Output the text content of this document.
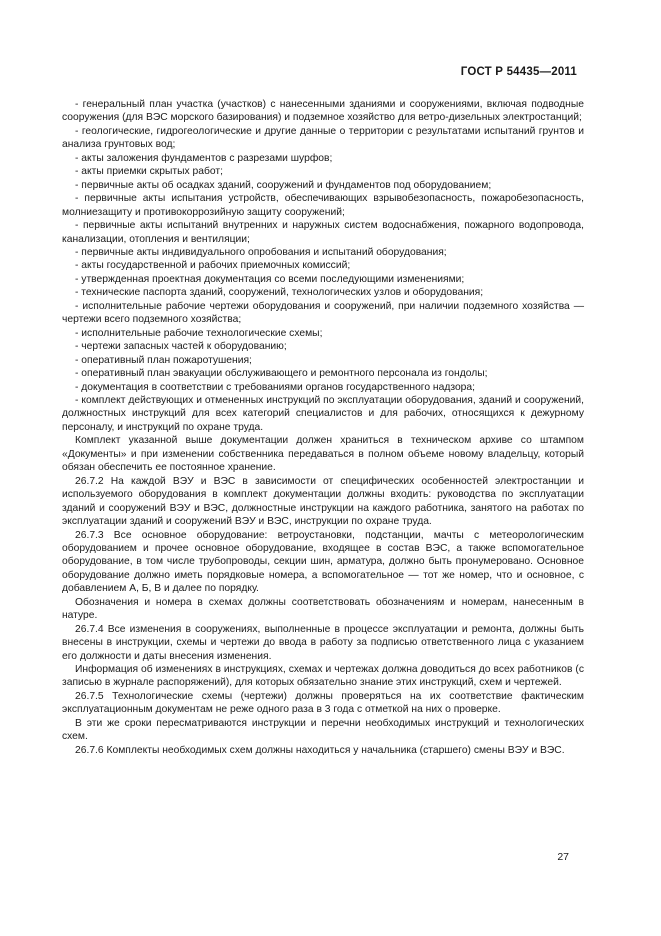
ГОСТ Р 54435—2011

- генеральный план участка (участков) с нанесенными зданиями и сооружениями, включая подводные сооружения (для ВЭС морского базирования) и подземное хозяйство для ветро-дизельных электростанций;

- геологические, гидрогеологические и другие данные о территории с результатами испытаний грунтов и анализа грунтовых вод;

- акты заложения фундаментов с разрезами шурфов;

- акты приемки скрытых работ;

- первичные акты об осадках зданий, сооружений и фундаментов под оборудованием;

- первичные акты испытания устройств, обеспечивающих взрывобезопасность, пожаробезопасность, молниезащиту и противокоррозийную защиту сооружений;

- первичные акты испытаний внутренних и наружных систем водоснабжения, пожарного водопровода, канализации, отопления и вентиляции;

- первичные акты индивидуального опробования и испытаний оборудования;

- акты государственной и рабочих приемочных комиссий;

- утвержденная проектная документация со всеми последующими изменениями;

- технические паспорта зданий, сооружений, технологических узлов и оборудования;

- исполнительные рабочие чертежи оборудования и сооружений, при наличии подземного хозяйства — чертежи всего подземного хозяйства;

- исполнительные рабочие технологические схемы;

- чертежи запасных частей к оборудованию;

- оперативный план пожаротушения;

- оперативный план эвакуации обслуживающего и ремонтного персонала из гондолы;

- документация в соответствии с требованиями органов государственного надзора;

- комплект действующих и отмененных инструкций по эксплуатации оборудования, зданий и сооружений, должностных инструкций для всех категорий специалистов и для рабочих, относящихся к дежурному персоналу, и инструкций по охране труда.

Комплект указанной выше документации должен храниться в техническом архиве со штампом «Документы» и при изменении собственника передаваться в полном объеме новому владельцу, который обязан обеспечить ее постоянное хранение.

26.7.2 На каждой ВЭУ и ВЭС в зависимости от специфических особенностей электростанции и используемого оборудования в комплект документации должны входить: руководства по эксплуатации зданий и сооружений ВЭУ и ВЭС, должностные инструкции на каждого работника, занятого на работах по эксплуатации зданий и сооружений ВЭУ и ВЭС, инструкции по охране труда.

26.7.3 Все основное оборудование: ветроустановки, подстанции, мачты с метеорологическим оборудованием и прочее основное оборудование, входящее в состав ВЭС, а также вспомогательное оборудование, в том числе трубопроводы, секции шин, арматура, должно быть пронумеровано. Основное оборудование должно иметь порядковые номера, а вспомогательное — тот же номер, что и основное, с добавлением А, Б, В и далее по порядку.

Обозначения и номера в схемах должны соответствовать обозначениям и номерам, нанесенным в натуре.

26.7.4 Все изменения в сооружениях, выполненные в процессе эксплуатации и ремонта, должны быть внесены в инструкции, схемы и чертежи до ввода в работу за подписью ответственного лица с указанием его должности и даты внесения изменения.

Информация об изменениях в инструкциях, схемах и чертежах должна доводиться до всех работников (с записью в журнале распоряжений), для которых обязательно знание этих инструкций, схем и чертежей.

26.7.5 Технологические схемы (чертежи) должны проверяться на их соответствие фактическим эксплуатационным документам не реже одного раза в 3 года с отметкой на них о проверке.

В эти же сроки пересматриваются инструкции и перечни необходимых инструкций и технологических схем.

26.7.6 Комплекты необходимых схем должны находиться у начальника (старшего) смены ВЭУ и ВЭС.

27
